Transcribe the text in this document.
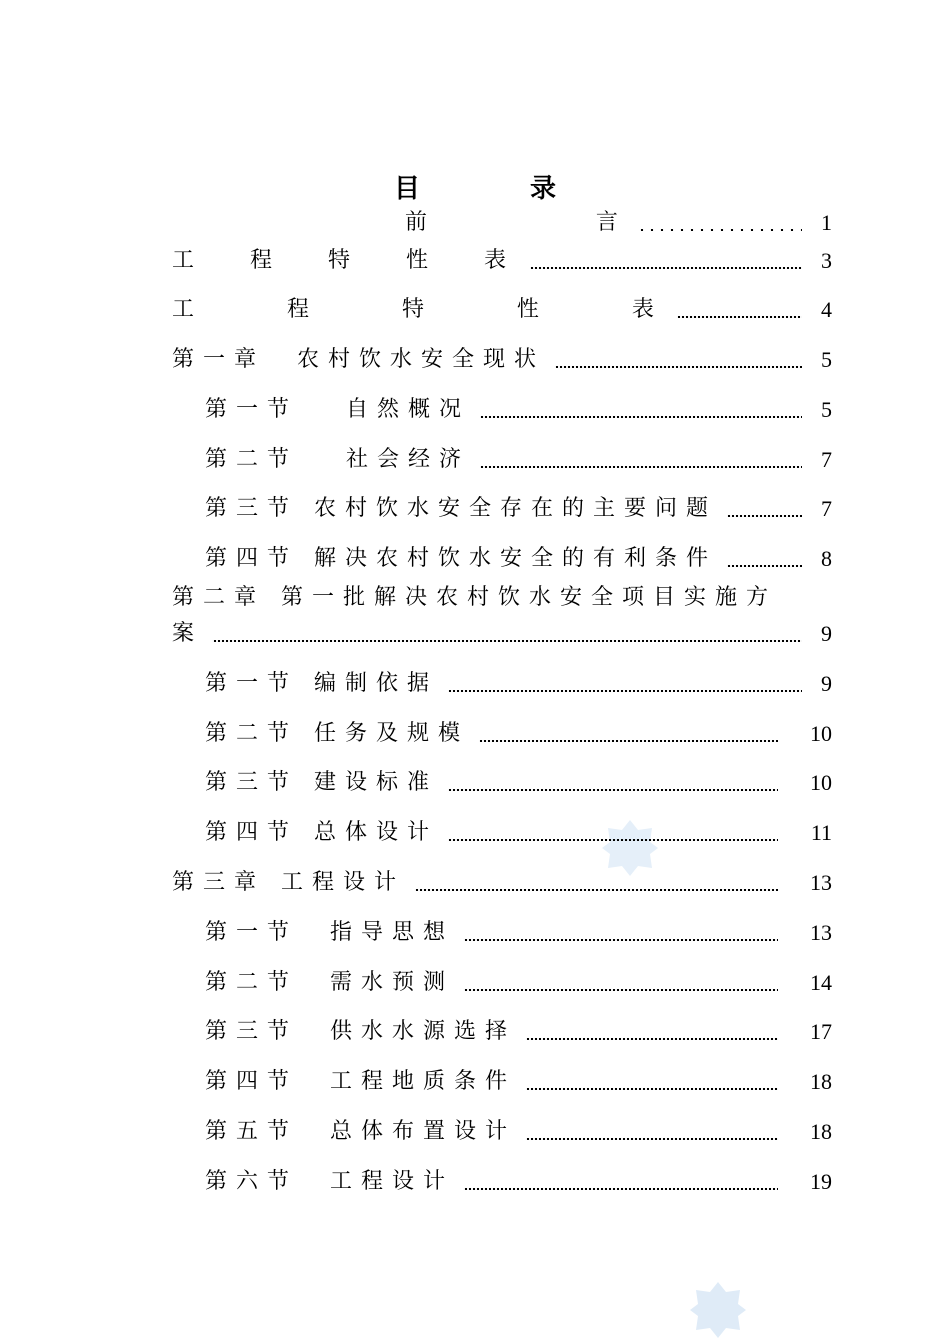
目	录
前          言	1
工  程  特  性  表	3
工    程    特    性    表	4
第一章  农村饮水安全现状	5
第一节   自然概况	5
第二节   社会经济	7
第三节 农村饮水安全存在的主要问题	7
第四节 解决农村饮水安全的有利条件	8
第二章 第一批解决农村饮水安全项目实施方
案	9
第一节 编制依据	9
第二节 任务及规模	10
第三节 建设标准	10
第四节 总体设计	11
第三章 工程设计	13
第一节  指导思想	13
第二节  需水预测	14
第三节  供水水源选择	17
第四节  工程地质条件	18
第五节  总体布置设计	18
第六节  工程设计	19
